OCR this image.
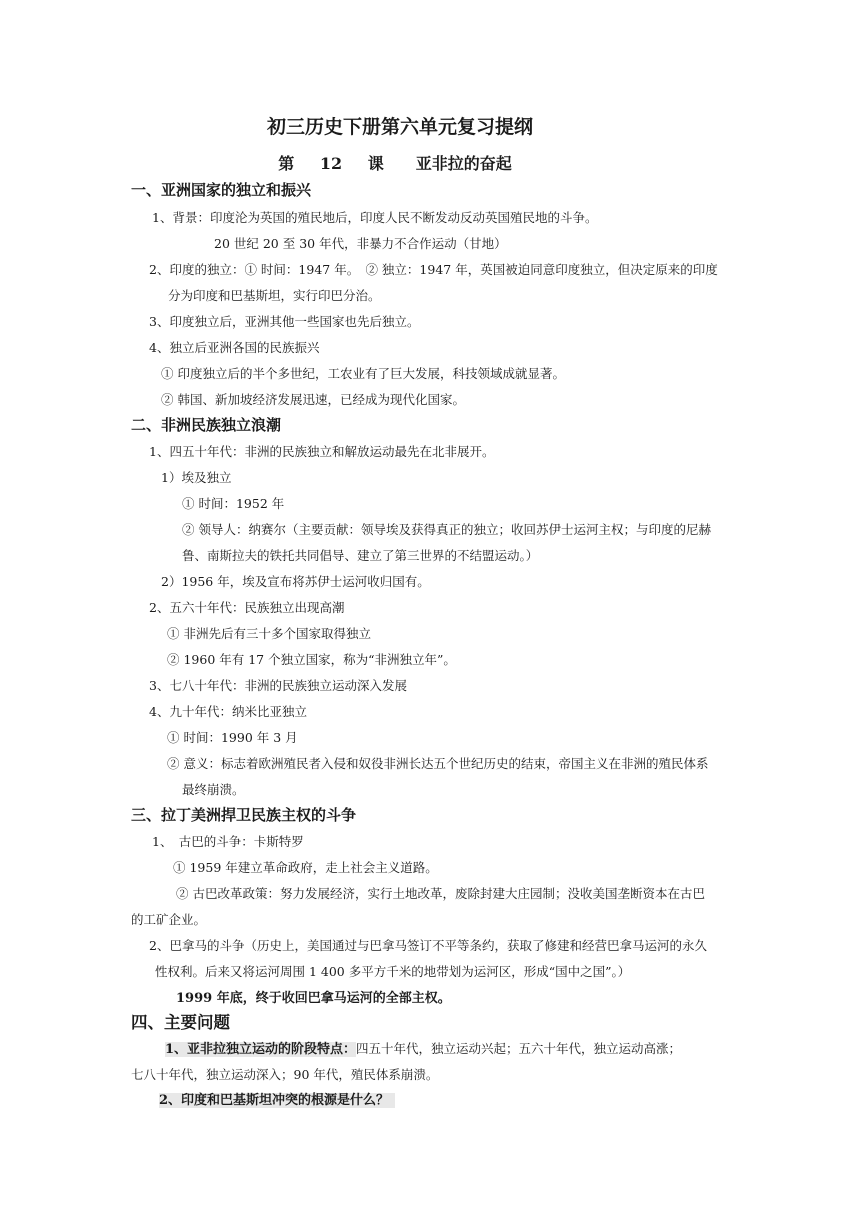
初三历史下册第六单元复习提纲
第 12 课　　亚非拉的奋起
一、亚洲国家的独立和振兴
1、背景：印度沦为英国的殖民地后，印度人民不断发动反动英国殖民地的斗争。
20 世纪 20 至 30 年代，非暴力不合作运动（甘地）
2、印度的独立：① 时间：1947 年。　② 独立：1947 年，英国被迫同意印度独立，但决定原来的印度
分为印度和巴基斯坦，实行印巴分治。
3、印度独立后，亚洲其他一些国家也先后独立。
4、独立后亚洲各国的民族振兴
① 印度独立后的半个多世纪，工农业有了巨大发展，科技领域成就显著。
② 韩国、新加坡经济发展迅速，已经成为现代化国家。
二、非洲民族独立浪潮
1、四五十年代：非洲的民族独立和解放运动最先在北非展开。
1）埃及独立
① 时间：1952 年
② 领导人：纳赛尔（主要贡献：领导埃及获得真正的独立；收回苏伊士运河主权；与印度的尼赫
鲁、南斯拉夫的铁托共同倡导、建立了第三世界的不结盟运动。）
2）1956 年，埃及宣布将苏伊士运河收归国有。
2、五六十年代：民族独立出现高潮
① 非洲先后有三十多个国家取得独立
② 1960 年有 17 个独立国家，称为“非洲独立年”。
3、七八十年代：非洲的民族独立运动深入发展
4、九十年代：纳米比亚独立
① 时间：1990 年 3 月
② 意义：标志着欧洲殖民者入侵和奴役非洲长达五个世纪历史的结束，帝国主义在非洲的殖民体系
最终崩溃。
三、拉丁美洲捍卫民族主权的斗争
1、　古巴的斗争：卡斯特罗
① 1959 年建立革命政府，走上社会主义道路。
② 古巴改革政策：努力发展经济，实行土地改革，废除封建大庄园制；没收美国垄断资本在古巴
的工矿企业。
2、巴拿马的斗争（历史上，美国通过与巴拿马签订不平等条约，获取了修建和经营巴拿马运河的永久
性权利。后来又将运河周围 1 400 多平方千米的地带划为运河区，形成“国中之国”。）
1999 年底，终于收回巴拿马运河的全部主权。
四、主要问题
1、亚非拉独立运动的阶段特点：四五十年代，独立运动兴起；五六十年代，独立运动高涨；
七八十年代，独立运动深入；90 年代，殖民体系崩溃。
2、印度和巴基斯坦冲突的根源是什么？
